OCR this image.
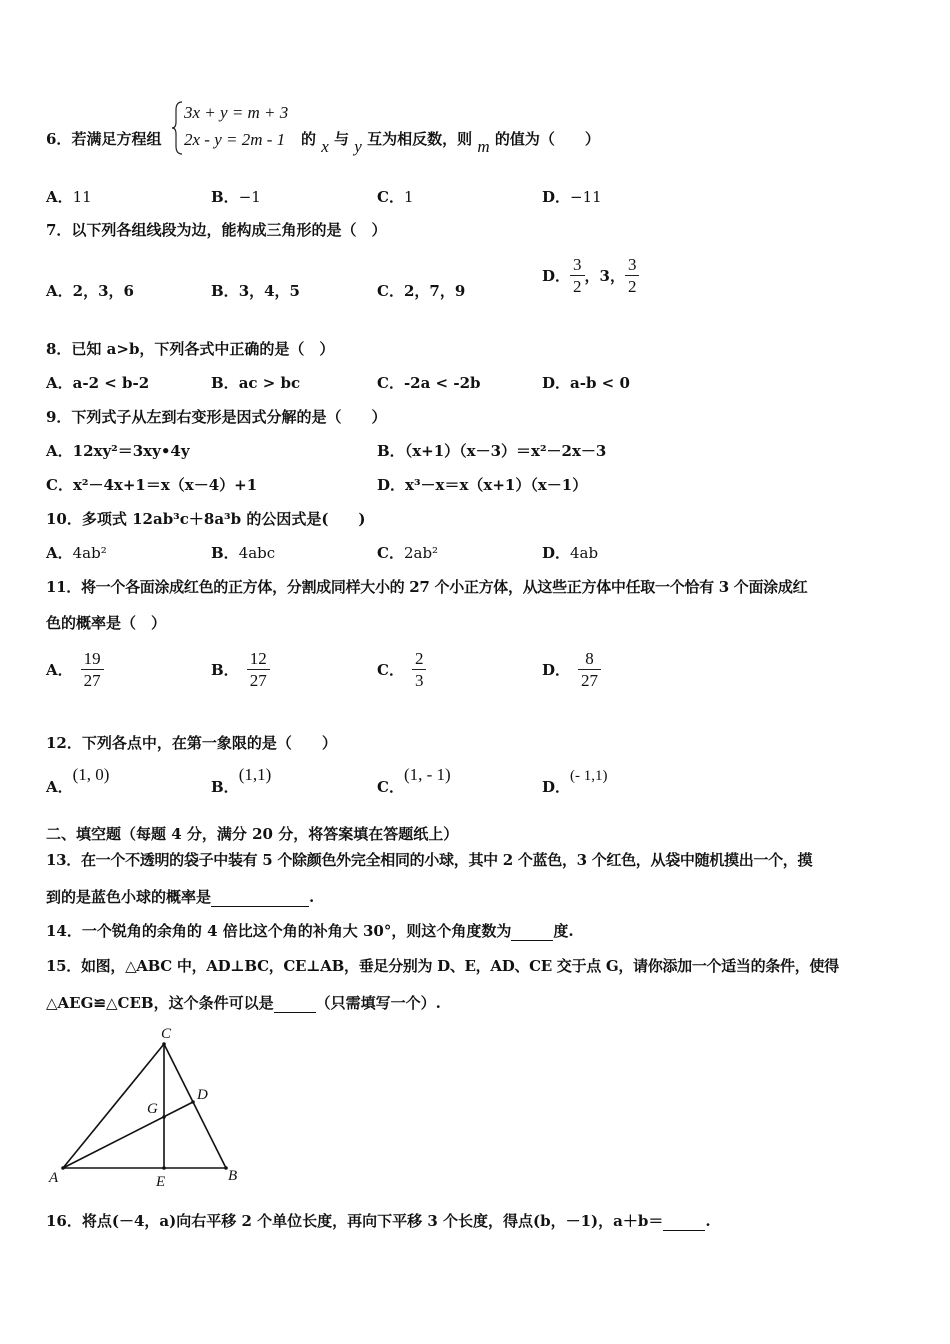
6．若满足方程组
3x + y = m + 3
2x - y = 2m - 1 的 x 与 y 互为相反数，则 m 的值为（　　）
A．11	B．−1	C．1	D．−11
7．以下列各组线段为边，能构成三角形的是（　）
A．2，3，6	B．3，4，5	C．2，7，9
D． $\frac{3}{2}$ ，3， $\frac{3}{2}$
8．已知 a>b，下列各式中正确的是（　）
A．a-2 < b-2	B．ac > bc	C．-2a < -2b	D．a-b < 0
9．下列式子从左到右变形是因式分解的是（　　）
A．12xy²＝3xy•4y	B．（x+1）（x－3）＝x²－2x－3
C．x²－4x+1＝x（x－4）+1	D．x³－x＝x（x+1）（x－1）
10．多项式 12ab³c＋8a³b 的公因式是(　　)
A．4ab²	B．4abc	C．2ab²	D．4ab
11．将一个各面涂成红色的正方体，分割成同样大小的 27 个小正方体，从这些正方体中任取一个恰有 3 个面涂成红
色的概率是（　）
A． $\frac{19}{27}$	B． $\frac{12}{27}$	C． $\frac{2}{3}$	D． $\frac{8}{27}$
12．下列各点中，在第一象限的是（　　）
A．(1, 0)
B．(1,1)
C．(1, - 1)
D．(- 1,1)
二、填空题（每题 4 分，满分 20 分，将答案填在答题纸上）
13．在一个不透明的袋子中装有 5 个除颜色外完全相同的小球，其中 2 个蓝色，3 个红色，从袋中随机摸出一个，摸
到的是蓝色小球的概率是	.
14．一个锐角的余角的 4 倍比这个角的补角大 30°，则这个角度数为	度.
15．如图，△ABC 中，AD⊥BC，CE⊥AB，垂足分别为 D、E，AD、CE 交于点 G，请你添加一个适当的条件，使得
△AEG≌△CEB，这个条件可以是	（只需填写一个）.
C
G
D
A	E	B
16．将点(－4，a)向右平移 2 个单位长度，再向下平移 3 个长度，得点(b，－1)，a＋b＝	.
